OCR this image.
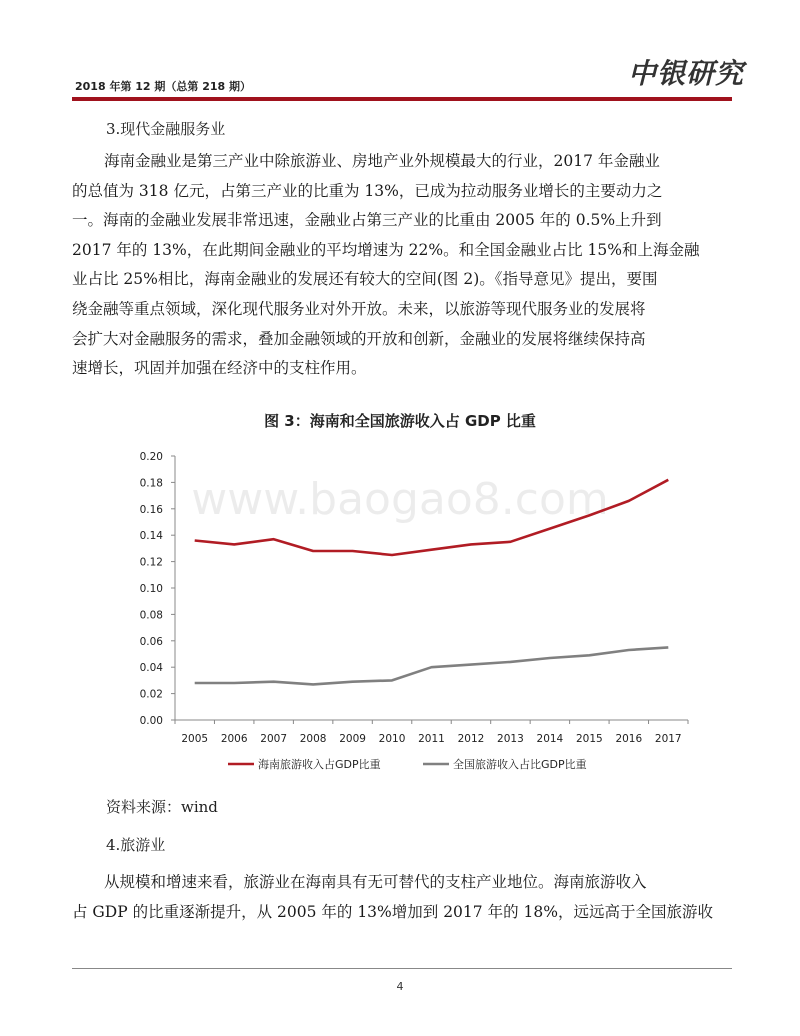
2018 年第 12 期（总第 218 期）	中银研究
3.现代金融服务业
海南金融业是第三产业中除旅游业、房地产业外规模最大的行业，2017 年金融业
的总值为 318 亿元，占第三产业的比重为 13%，已成为拉动服务业增长的主要动力之
一。海南的金融业发展非常迅速，金融业占第三产业的比重由 2005 年的 0.5%上升到
2017 年的 13%，在此期间金融业的平均增速为 22%。和全国金融业占比 15%和上海金融
业占比 25%相比，海南金融业的发展还有较大的空间(图 2)。《指导意见》提出，要围
绕金融等重点领域，深化现代服务业对外开放。未来，以旅游等现代服务业的发展将
会扩大对金融服务的需求，叠加金融领域的开放和创新，金融业的发展将继续保持高
速增长，巩固并加强在经济中的支柱作用。
图 3：海南和全国旅游收入占 GDP 比重
www.baogao8.com
0.00
0.02
0.04
0.06
0.08
0.10
0.12
0.14
0.16
0.18
0.20
2005 2006 2007 2008 2009 2010 2011 2012 2013 2014 2015 2016 2017
海南旅游收入占GDP比重	全国旅游收入占比GDP比重
资料来源：wind
4.旅游业
从规模和增速来看，旅游业在海南具有无可替代的支柱产业地位。海南旅游收入
占 GDP 的比重逐渐提升，从 2005 年的 13%增加到 2017 年的 18%，远远高于全国旅游收
4
